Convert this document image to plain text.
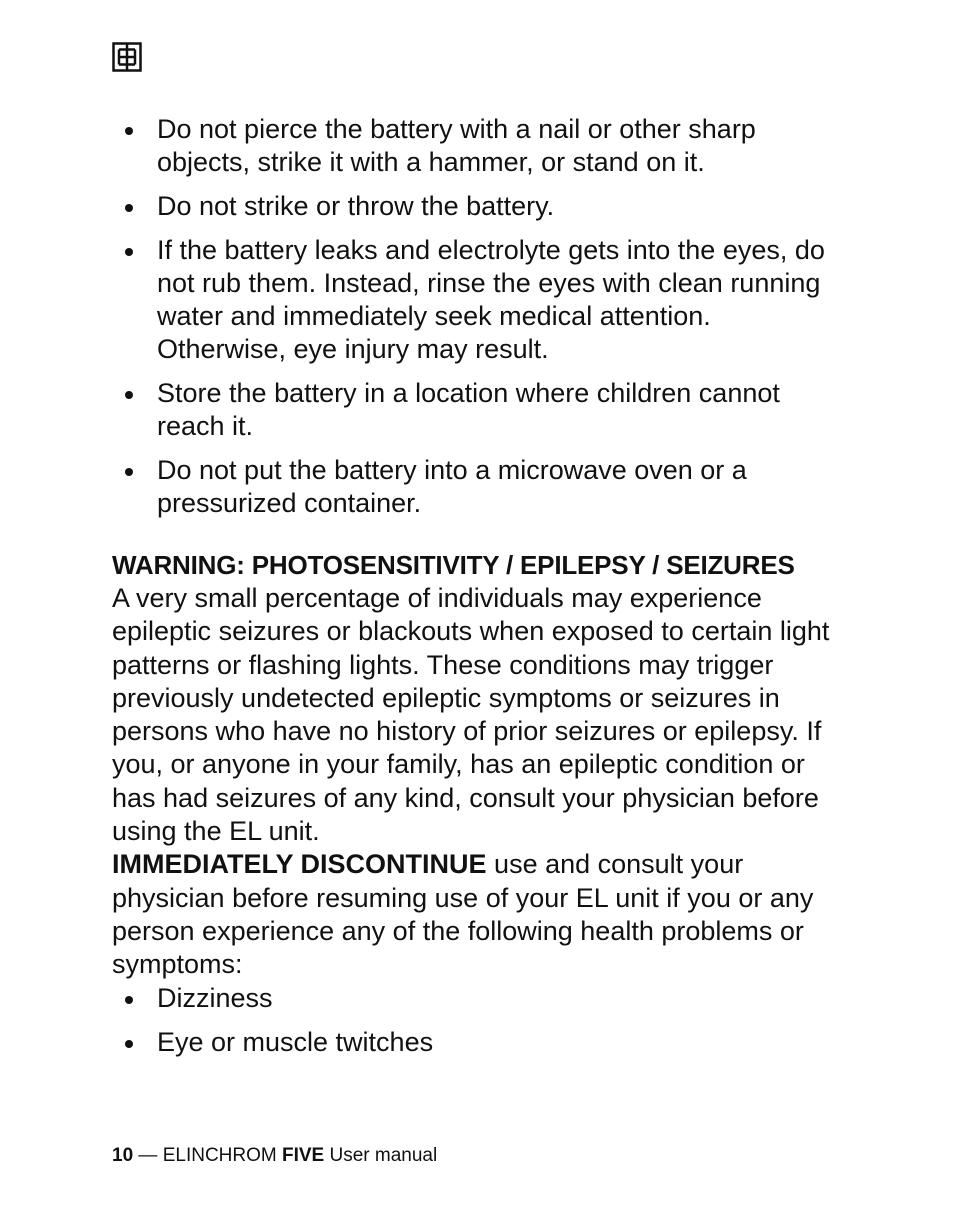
Do not pierce the battery with a nail or other sharp objects, strike it with a hammer, or stand on it.
Do not strike or throw the battery.
If the battery leaks and electrolyte gets into the eyes, do not rub them. Instead, rinse the eyes with clean running water and immediately seek medical attention. Otherwise, eye injury may result.
Store the battery in a location where children cannot reach it.
Do not put the battery into a microwave oven or a pressurized container.
WARNING: PHOTOSENSITIVITY / EPILEPSY / SEIZURES

A very small percentage of individuals may experience epileptic seizures or blackouts when exposed to certain light patterns or flashing lights. These conditions may trigger previously undetected epileptic symptoms or seizures in persons who have no history of prior seizures or epilepsy. If you, or anyone in your family, has an epileptic condition or has had seizures of any kind, consult your physician before using the EL unit.

IMMEDIATELY DISCONTINUE use and consult your physician before resuming use of your EL unit if you or any person experience any of the following health problems or symptoms:

Dizziness
Eye or muscle twitches
10 — ELINCHROM FIVE User manual
